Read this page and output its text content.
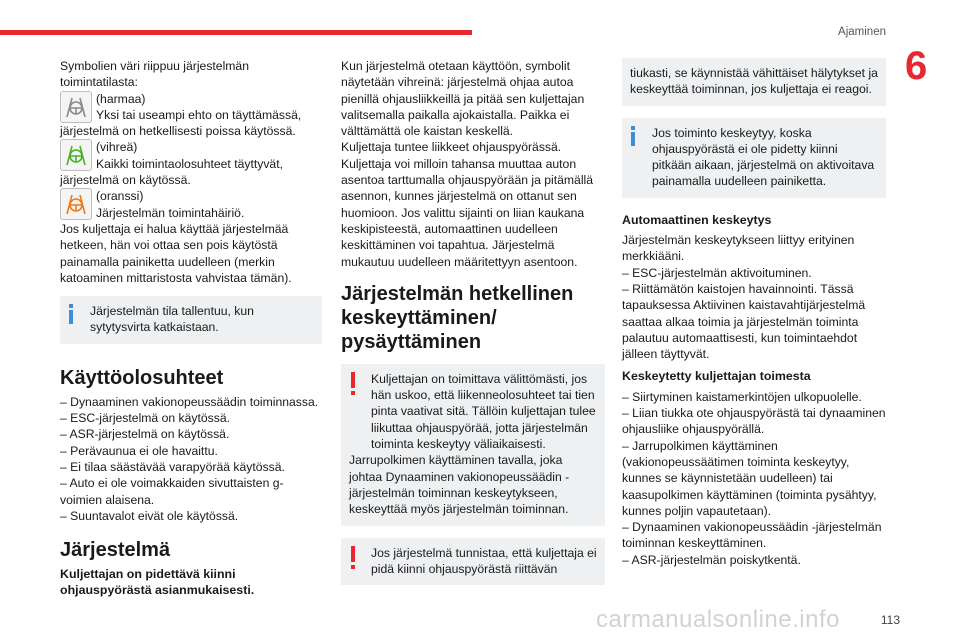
Ajaminen
6

Symbolien väri riippuu järjestelmän toimintatilasta:

(harmaa)

Yksi tai useampi ehto on täyttämässä,

järjestelmä on hetkellisesti poissa käytössä.

(vihreä)

Kaikki toimintaolosuhteet täyttyvät,

järjestelmä on käytössä.

(oranssi)

Järjestelmän toimintahäiriö.

Jos kuljettaja ei halua käyttää järjestelmää hetkeen, hän voi ottaa sen pois käytöstä painamalla painiketta uudelleen (merkin katoaminen mittaristosta vahvistaa tämän).

Järjestelmän tila tallentuu, kun sytytysvirta katkaistaan.

Käyttöolosuhteet

– Dynaaminen vakionopeussäädin toiminnassa.

– ESC-järjestelmä on käytössä.

– ASR-järjestelmä on käytössä.

– Perävaunua ei ole havaittu.

– Ei tilaa säästävää varapyörää käytössä.

– Auto ei ole voimakkaiden sivuttaisten g-voimien alaisena.

– Suuntavalot eivät ole käytössä.

Järjestelmä
Kuljettajan on pidettävä kiinni ohjauspyörästä asianmukaisesti.

Kun järjestelmä otetaan käyttöön, symbolit näytetään vihreinä: järjestelmä ohjaa autoa pienillä ohjausliikkeillä ja pitää sen kuljettajan valitsemalla paikalla ajokaistalla. Paikka ei välttämättä ole kaistan keskellä.

Kuljettaja tuntee liikkeet ohjauspyörässä.

Kuljettaja voi milloin tahansa muuttaa auton asentoa tarttumalla ohjauspyörään ja pitämällä asennon, kunnes järjestelmä on ottanut sen huomioon. Jos valittu sijainti on liian kaukana keskipisteestä, automaattinen uudelleen keskittäminen voi tapahtua. Järjestelmä mukautuu uudelleen määritettyyn asentoon.

Järjestelmän hetkellinen keskeyttäminen/ pysäyttäminen

Kuljettajan on toimittava välittömästi, jos hän uskoo, että liikenneolosuhteet tai tien pinta vaativat sitä. Tällöin kuljettajan tulee liikuttaa ohjauspyörää, jotta järjestelmän toiminta keskeytyy väliaikaisesti.

Jarrupolkimen käyttäminen tavalla, joka johtaa Dynaaminen vakionopeussäädin -järjestelmän toiminnan keskeytykseen, keskeyttää myös järjestelmän toiminnan.

Jos järjestelmä tunnistaa, että kuljettaja ei pidä kiinni ohjauspyörästä riittävän

tiukasti, se käynnistää vähittäiset hälytykset ja keskeyttää toiminnan, jos kuljettaja ei reagoi.

Jos toiminto keskeytyy, koska ohjauspyörästä ei ole pidetty kiinni pitkään aikaan, järjestelmä on aktivoitava painamalla uudelleen painiketta.

Automaattinen keskeytys

Järjestelmän keskeytykseen liittyy erityinen merkkiääni.

– ESC-järjestelmän aktivoituminen.

– Riittämätön kaistojen havainnointi. Tässä tapauksessa Aktiivinen kaistavahtijärjestelmä saattaa alkaa toimia ja järjestelmän toiminta palautuu automaattisesti, kun toimintaehdot jälleen täyttyvät.

Keskeytetty kuljettajan toimesta

– Siirtyminen kaistamerkintöjen ulkopuolelle.

– Liian tiukka ote ohjauspyörästä tai dynaaminen ohjausliike ohjauspyörällä.

– Jarrupolkimen käyttäminen (vakionopeussäätimen toiminta keskeytyy, kunnes se käynnistetään uudelleen) tai kaasupolkimen käyttäminen (toiminta pysähtyy, kunnes poljin vapautetaan).

– Dynaaminen vakionopeussäädin -järjestelmän toiminnan keskeyttäminen.

– ASR-järjestelmän poiskytkentä.

113
carmanualsonline.info
